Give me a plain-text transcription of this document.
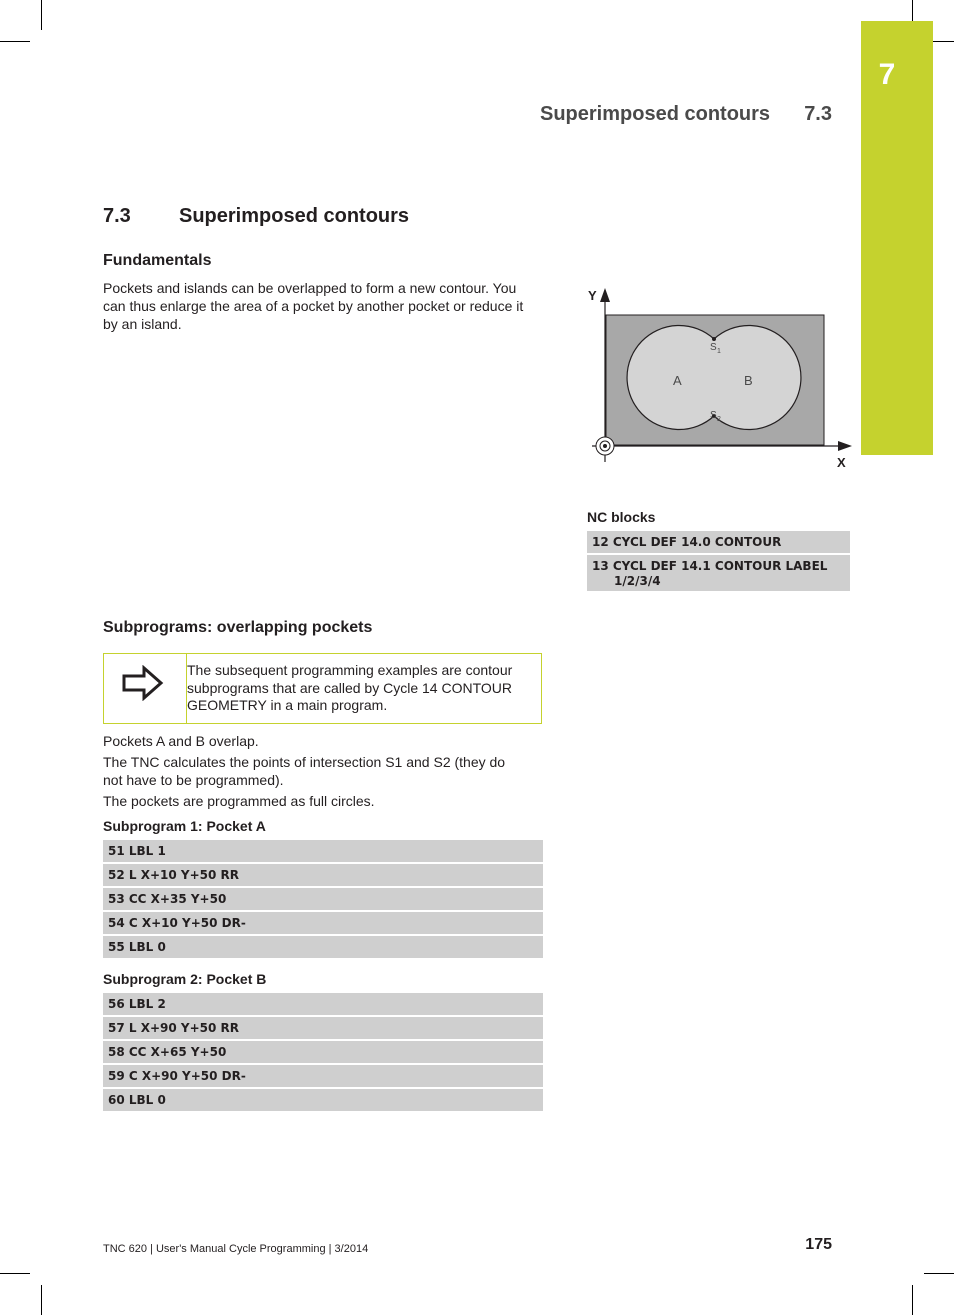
7
Superimposed contours 7.3
7.3 Superimposed contours
Fundamentals

Pockets and islands can be overlapped to form a new contour. You
can thus enlarge the area of a pocket by another pocket or reduce it
by an island.

Y
X
A	B
S 1
S 2
NC blocks
12 CYCL DEF 14.0 CONTOUR
13 CYCL DEF 14.1 CONTOUR LABEL
1/2/3/4
Subprograms: overlapping pockets
The subsequent programming examples are contour
subprograms that are called by Cycle 14 CONTOUR
GEOMETRY in a main program.

Pockets A and B overlap.

The TNC calculates the points of intersection S1 and S2 (they do
not have to be programmed).

The pockets are programmed as full circles.

Subprogram 1: Pocket A
51 LBL 1
52 L X+10 Y+50 RR
53 CC X+35 Y+50
54 C X+10 Y+50 DR-
55 LBL 0
Subprogram 2: Pocket B
56 LBL 2
57 L X+90 Y+50 RR
58 CC X+65 Y+50
59 C X+90 Y+50 DR-
60 LBL 0
TNC 620 | User's Manual Cycle Programming | 3/2014	175
